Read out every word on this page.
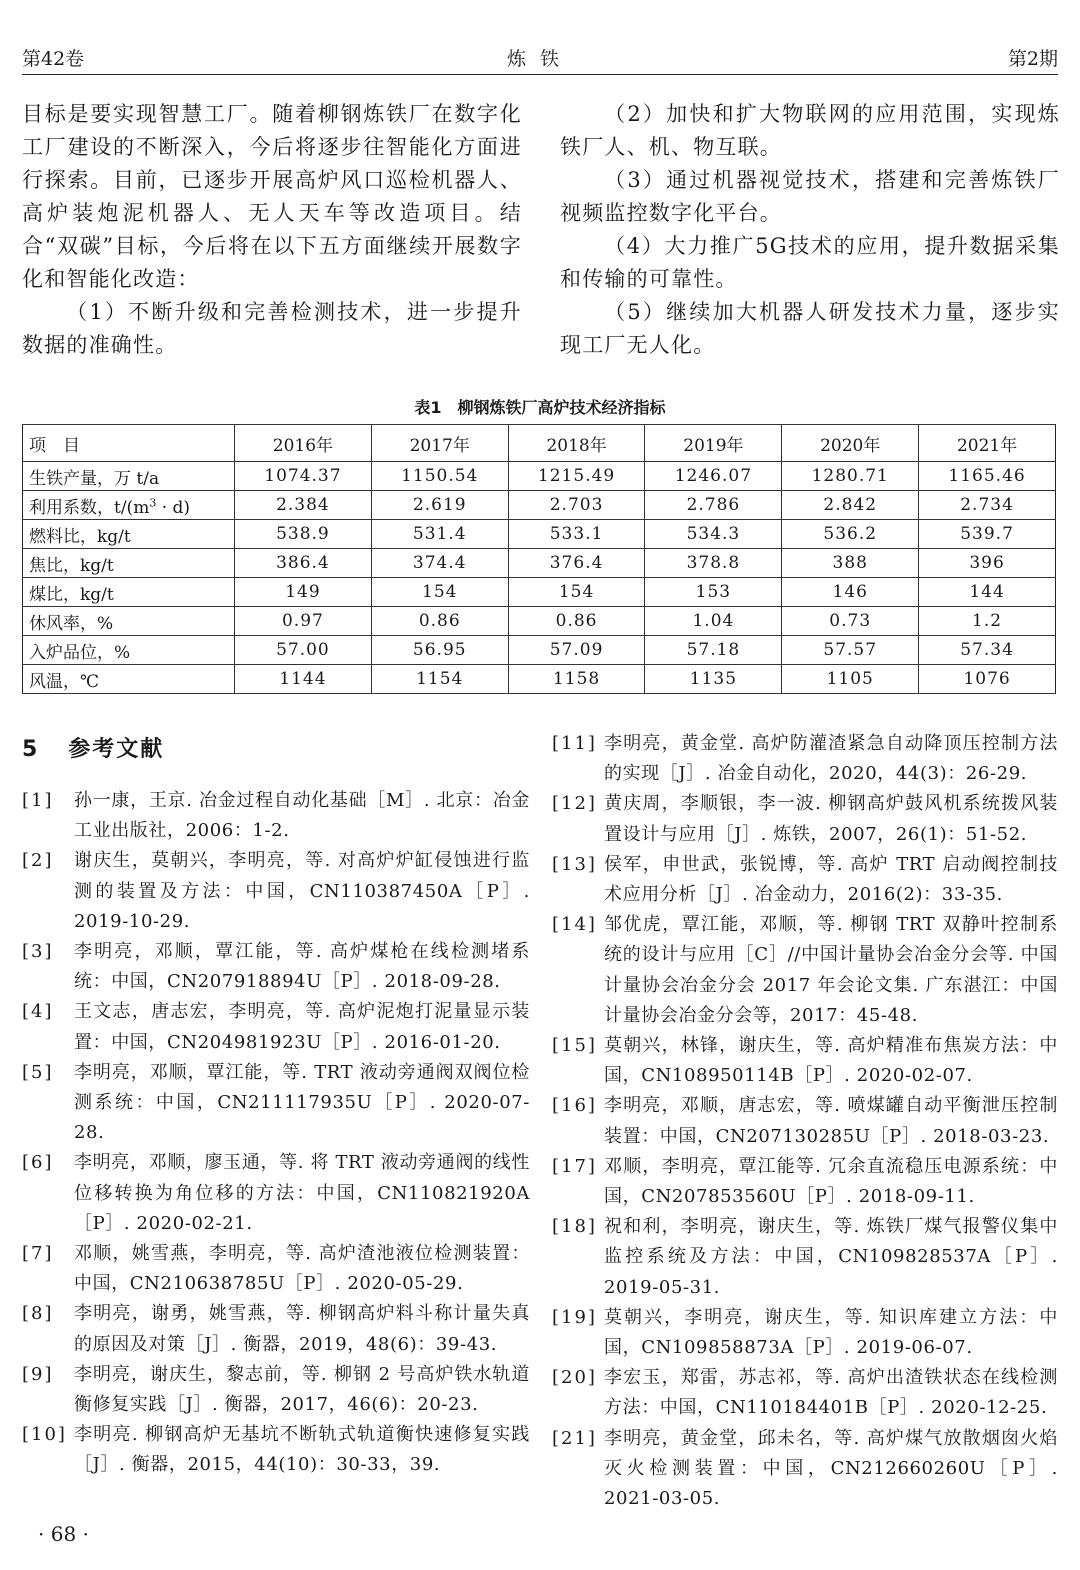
第42卷	炼铁	第2期

目标是要实现智慧工厂。随着柳钢炼铁厂在数字化工厂建设的不断深入，今后将逐步往智能化方面进行探索。目前，已逐步开展高炉风口巡检机器人、高炉装炮泥机器人、无人天车等改造项目。结合“双碳”目标，今后将在以下五方面继续开展数字化和智能化改造：

（1）不断升级和完善检测技术，进一步提升数据的准确性。

（2）加快和扩大物联网的应用范围，实现炼铁厂人、机、物互联。

（3）通过机器视觉技术，搭建和完善炼铁厂视频监控数字化平台。

（4）大力推广5G技术的应用，提升数据采集和传输的可靠性。

（5）继续加大机器人研发技术力量，逐步实现工厂无人化。

表1　柳钢炼铁厂高炉技术经济指标
项　目	2016年	2017年	2018年	2019年	2020年	2021年
生铁产量，万 t/a	1074.37	1150.54	1215.49	1246.07	1280.71	1165.46
利用系数，$t/(m^3 \cdot d)$	2.384	2.619	2.703	2.786	2.842	2.734
燃料比，kg/t	538.9	531.4	533.1	534.3	536.2	539.7
焦比，kg/t	386.4	374.4	376.4	378.8	388	396
煤比，kg/t	149	154	154	153	146	144
休风率，%	0.97	0.86	0.86	1.04	0.73	1.2
入炉品位，%	57.00	56.95	57.09	57.18	57.57	57.34
风温，℃	1144	1154	1158	1135	1105	1076
5 参考文献
[1] 孙一康，王京. 冶金过程自动化基础［M］. 北京：冶金工业出版社，2006：1-2.
[2] 谢庆生，莫朝兴，李明亮，等. 对高炉炉缸侵蚀进行监测的装置及方法：中国，CN110387450A［P］. 2019-10-29.
[3] 李明亮，邓顺，覃江能，等. 高炉煤枪在线检测堵系统：中国，CN207918894U［P］. 2018-09-28.
[4] 王文志，唐志宏，李明亮，等. 高炉泥炮打泥量显示装置：中国，CN204981923U［P］. 2016-01-20.
[5] 李明亮，邓顺，覃江能，等. TRT 液动旁通阀双阀位检测系统：中国，CN211117935U［P］. 2020-07-28.
[6] 李明亮，邓顺，廖玉通，等. 将 TRT 液动旁通阀的线性位移转换为角位移的方法：中国，CN110821920A［P］. 2020-02-21.
[7] 邓顺，姚雪燕，李明亮，等. 高炉渣池液位检测装置：中国，CN210638785U［P］. 2020-05-29.
[8] 李明亮，谢勇，姚雪燕，等. 柳钢高炉料斗称计量失真的原因及对策［J］. 衡器，2019，48(6)：39-43.
[9] 李明亮，谢庆生，黎志前，等. 柳钢 2 号高炉铁水轨道衡修复实践［J］. 衡器，2017，46(6)：20-23.
[10] 李明亮. 柳钢高炉无基坑不断轨式轨道衡快速修复实践［J］. 衡器，2015，44(10)：30-33，39.
[11] 李明亮，黄金堂. 高炉防灌渣紧急自动降顶压控制方法的实现［J］. 冶金自动化，2020，44(3)：26-29.
[12] 黄庆周，李顺银，李一波. 柳钢高炉鼓风机系统拨风装置设计与应用［J］. 炼铁，2007，26(1)：51-52.
[13] 侯军，申世武，张锐博，等. 高炉 TRT 启动阀控制技术应用分析［J］. 冶金动力，2016(2)：33-35.
[14] 邹优虎，覃江能，邓顺，等. 柳钢 TRT 双静叶控制系统的设计与应用［C］//中国计量协会冶金分会等. 中国计量协会冶金分会 2017 年会论文集. 广东湛江：中国计量协会冶金分会等，2017：45-48.
[15] 莫朝兴，林锋，谢庆生，等. 高炉精准布焦炭方法：中国，CN108950114B［P］. 2020-02-07.
[16] 李明亮，邓顺，唐志宏，等. 喷煤罐自动平衡泄压控制装置：中国，CN207130285U［P］. 2018-03-23.
[17] 邓顺，李明亮，覃江能等. 冗余直流稳压电源系统：中国，CN207853560U［P］. 2018-09-11.
[18] 祝和利，李明亮，谢庆生，等. 炼铁厂煤气报警仪集中监控系统及方法：中国，CN109828537A［P］. 2019-05-31.
[19] 莫朝兴，李明亮，谢庆生，等. 知识库建立方法：中国，CN109858873A［P］. 2019-06-07.
[20] 李宏玉，郑雷，苏志祁，等. 高炉出渣铁状态在线检测方法：中国，CN110184401B［P］. 2020-12-25.
[21] 李明亮，黄金堂，邱未名，等. 高炉煤气放散烟囱火焰灭火检测装置：中国，CN212660260U［P］. 2021-03-05.
· 68 ·
